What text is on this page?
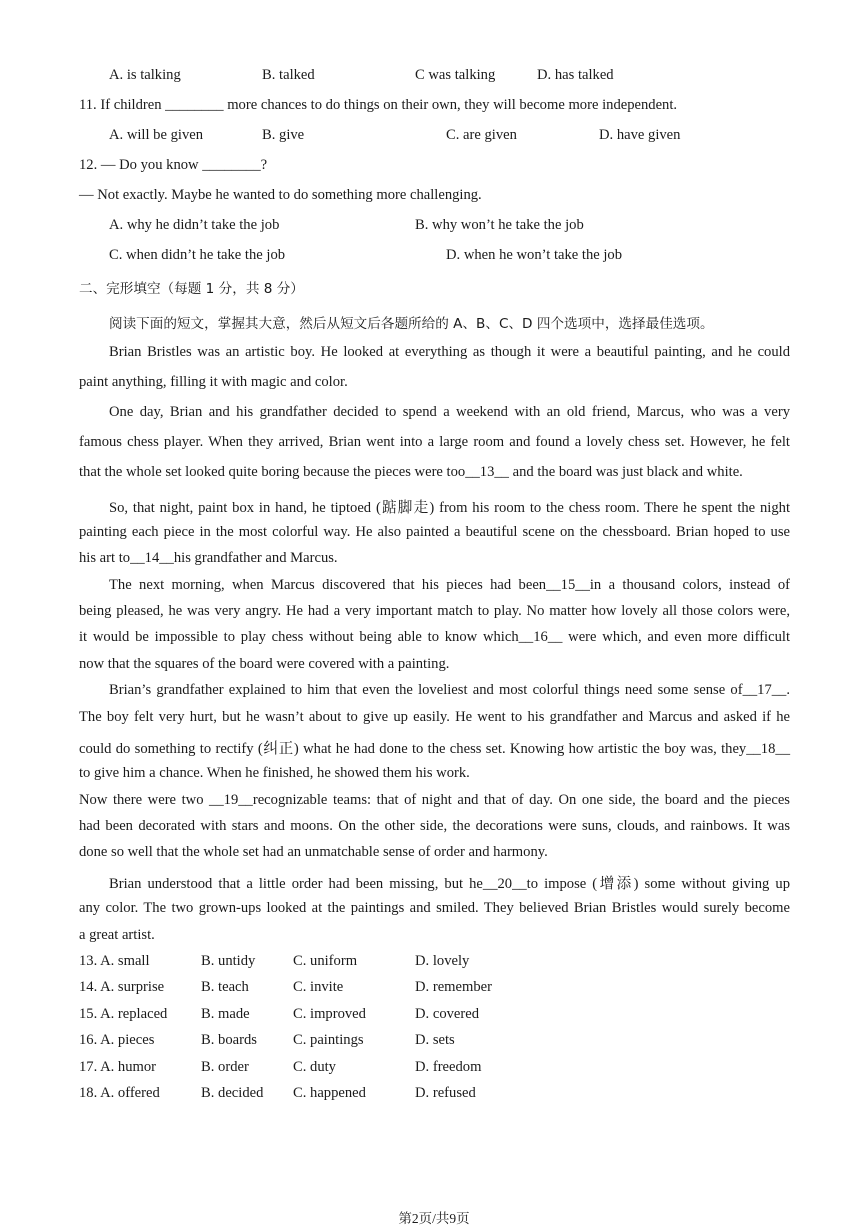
A. is talking	B. talked	C was talking	D. has talked
11. If children ________ more chances to do things on their own, they will become more independent.
A. will be given	B. give	C. are given	D. have given
12. — Do you know ________?
— Not exactly. Maybe he wanted to do something more challenging.
A. why he didn’t take the job	B. why won’t he take the job
C. when didn’t he take the job	D. when he won’t take the job
二、完形填空（每题 1 分，共 8 分）
阅读下面的短文，掌握其大意，然后从短文后各题所给的 A、B、C、D 四个选项中，选择最佳选项。
Brian Bristles was an artistic boy. He looked at everything as though it were a beautiful painting, and he could
paint anything, filling it with magic and color.
One day, Brian and his grandfather decided to spend a weekend with an old friend, Marcus, who was a very
famous chess player. When they arrived, Brian went into a large room and found a lovely chess set. However, he felt
that the whole set looked quite boring because the pieces were too__13__ and the board was just black and white.
So, that night, paint box in hand, he tiptoed (踮脚走) from his room to the chess room. There he spent the night
painting each piece in the most colorful way. He also painted a beautiful scene on the chessboard. Brian hoped to use
his art to__14__his grandfather and Marcus.
The next morning, when Marcus discovered that his pieces had been__15__in a thousand colors, instead of
being pleased, he was very angry. He had a very important match to play. No matter how lovely all those colors were,
it would be impossible to play chess without being able to know which__16__ were which, and even more difficult
now that the squares of the board were covered with a painting.
Brian’s grandfather explained to him that even the loveliest and most colorful things need some sense of__17__.
The boy felt very hurt, but he wasn’t about to give up easily. He went to his grandfather and Marcus and asked if he
could do something to rectify (纠正) what he had done to the chess set. Knowing how artistic the boy was, they__18__
to give him a chance. When he finished, he showed them his work.
Now there were two __19__recognizable teams: that of night and that of day. On one side, the board and the pieces
had been decorated with stars and moons. On the other side, the decorations were suns, clouds, and rainbows. It was
done so well that the whole set had an unmatchable sense of order and harmony.
Brian understood that a little order had been missing, but he__20__to impose (增添) some without giving up
any color. The two grown-ups looked at the paintings and smiled. They believed Brian Bristles would surely become
a great artist.
13. A. small	B. untidy	C. uniform	D. lovely
14. A. surprise	B. teach	C. invite	D. remember
15. A. replaced B. made	C. improved	D. covered
16. A. pieces	B. boards C. paintings	D. sets
17. A. humor	B. order	C. duty	D. freedom
18. A. offered	B. decided C. happened	D. refused
第2页/共9页
